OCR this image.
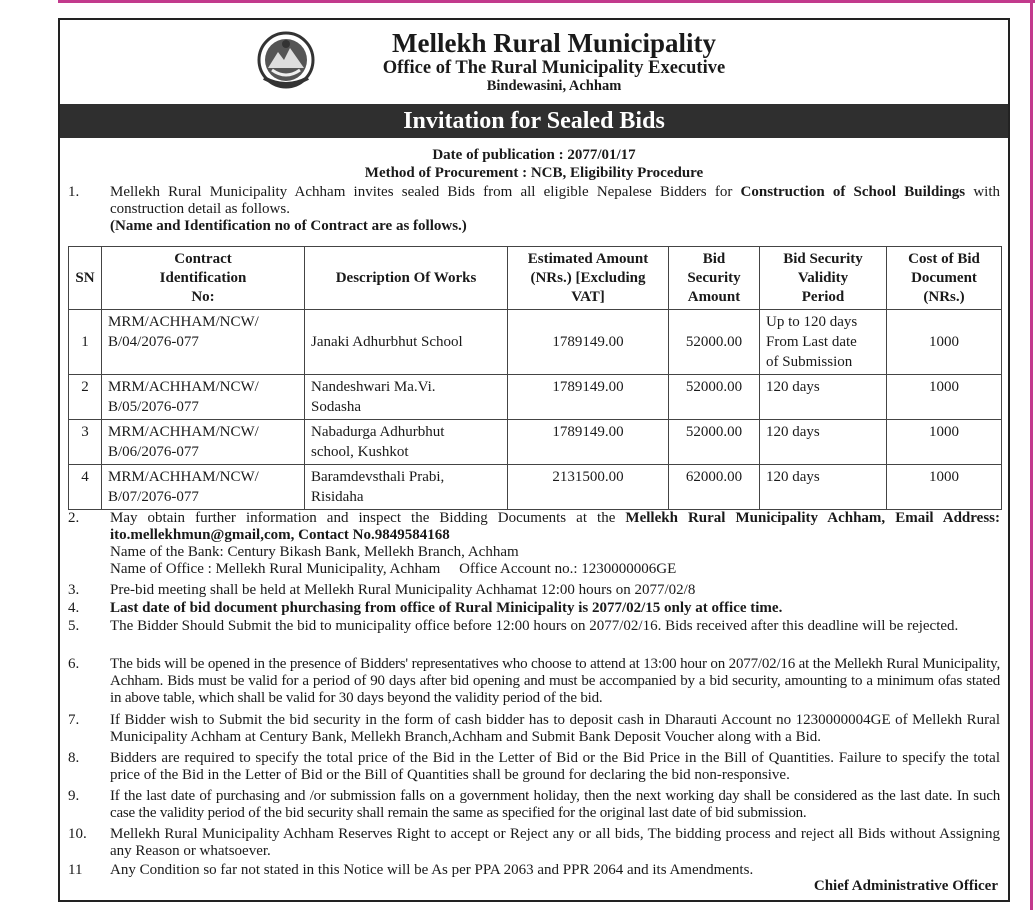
Mellekh Rural Municipality
Office of The Rural Municipality Executive
Bindewasini, Achham
Invitation for Sealed Bids
Date of publication : 2077/01/17
Method of Procurement : NCB, Eligibility Procedure
1.	Mellekh Rural Municipality Achham invites sealed Bids from all eligible Nepalese Bidders for Construction of School Buildings with construction detail as follows.
(Name and Identification no of Contract are as follows.)
SN	Contract
Identification
No:	Description Of Works	Estimated Amount
(NRs.) [Excluding
VAT]	Bid
Security
Amount	Bid Security
Validity
Period	Cost of Bid
Document
(NRs.)
1	MRM/ACHHAM/NCW/
B/04/2076-077	Janaki Adhurbhut School	1789149.00	52000.00	Up to 120 days
From Last date
of Submission	1000
2	MRM/ACHHAM/NCW/
B/05/2076-077	Nandeshwari Ma.Vi.
Sodasha	1789149.00	52000.00	120 days	1000
3	MRM/ACHHAM/NCW/
B/06/2076-077	Nabadurga Adhurbhut
school, Kushkot	1789149.00	52000.00	120 days	1000
4	MRM/ACHHAM/NCW/
B/07/2076-077	Baramdevsthali Prabi,
Risidaha	2131500.00	62000.00	120 days	1000
2.	May obtain further information and inspect the Bidding Documents at the Mellekh Rural Municipality Achham, Email Address: ito.mellekhmun@gmail,com, Contact No.9849584168
Name of the Bank: Century Bikash Bank, Mellekh Branch, Achham
Name of Office : Mellekh Rural Municipality, Achham     Office Account no.: 1230000006GE
3.	Pre-bid meeting shall be held at Mellekh Rural Municipality Achhamat 12:00 hours on 2077/02/8
4.	Last date of bid document phurchasing from office of Rural Minicipality is 2077/02/15 only at office time.
5.	The Bidder Should Submit the bid to municipality office before 12:00 hours on 2077/02/16. Bids received after this deadline will be rejected.
6.	The bids will be opened in the presence of Bidders' representatives who choose to attend at 13:00 hour on 2077/02/16 at the Mellekh Rural Municipality, Achham. Bids must be valid for a period of 90 days after bid opening and must be accompanied by a bid security, amounting to a minimum ofas stated in above table, which shall be valid for 30 days beyond the validity period of the bid.
7.	If Bidder wish to Submit the bid security in the form of cash bidder has to deposit cash in Dharauti Account no 1230000004GE of Mellekh Rural Municipality Achham at Century Bank, Mellekh Branch,Achham and Submit Bank Deposit Voucher along with a Bid.
8.	Bidders are required to specify the total price of the Bid in the Letter of Bid or the Bid Price in the Bill of Quantities. Failure to specify the total price of the Bid in the Letter of Bid or the Bill of Quantities shall be ground for declaring the bid non-responsive.
9.	If the last date of purchasing and /or submission falls on a government holiday, then the next working day shall be considered as the last date. In such case the validity period of the bid security shall remain the same as specified for the original last date of bid submission.
10.	Mellekh Rural Municipality Achham Reserves Right to accept or Reject any or all bids, The bidding process and reject all Bids without Assigning any Reason or whatsoever.
11	Any Condition so far not stated in this Notice will be As per PPA 2063 and PPR 2064 and its Amendments.
Chief Administrative Officer
